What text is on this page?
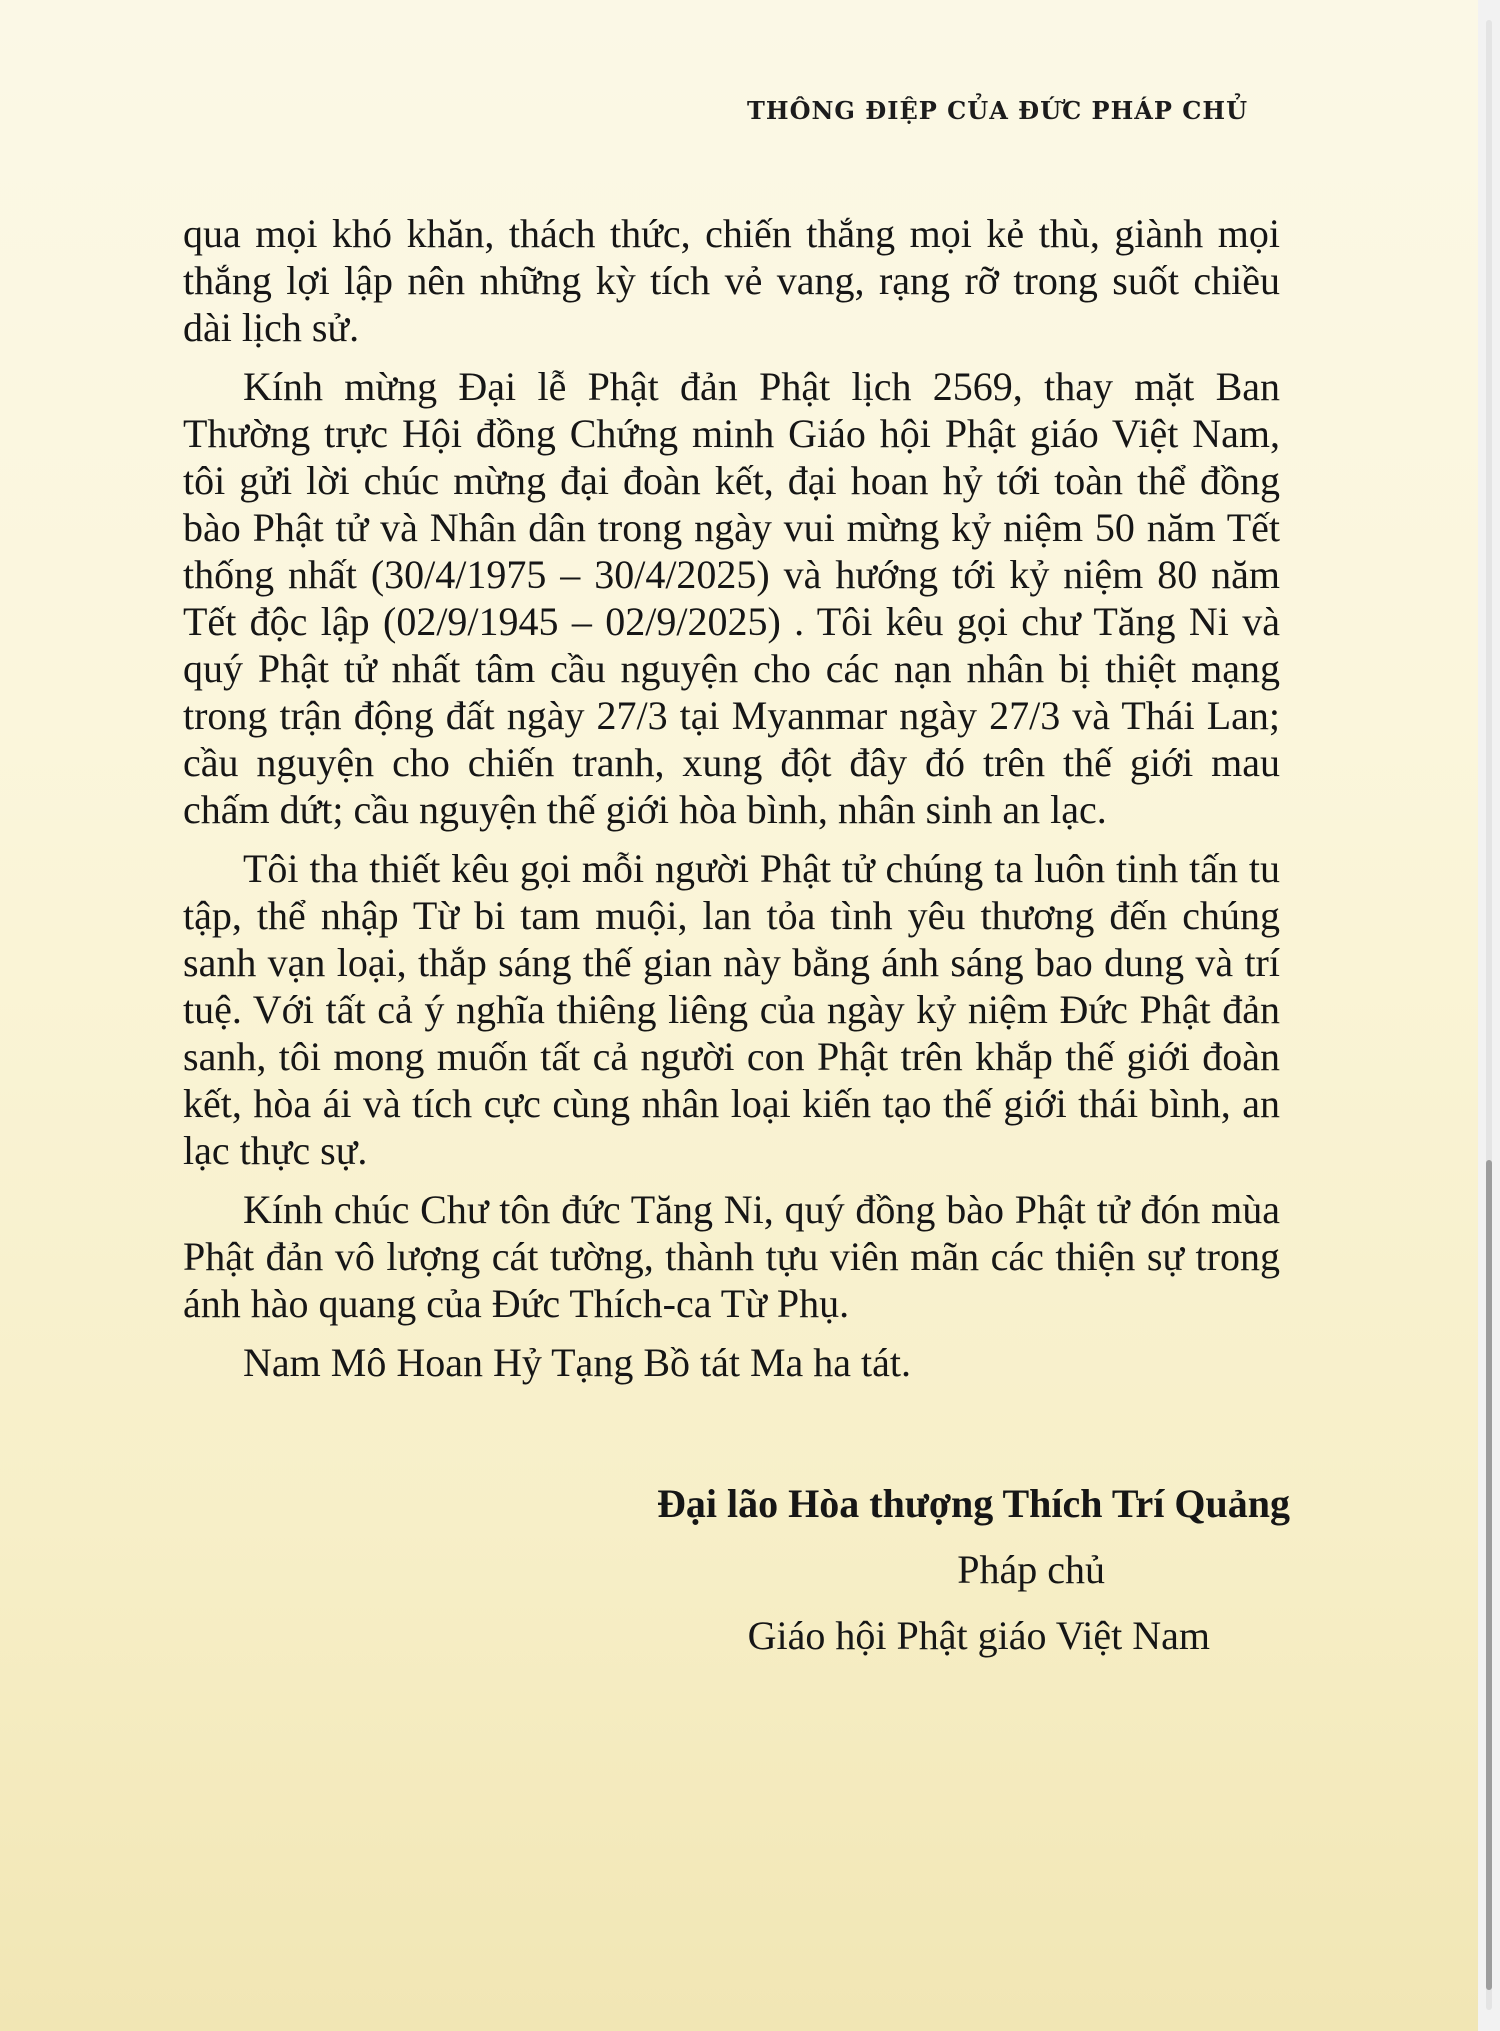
THÔNG ĐIỆP CỦA ĐỨC PHÁP CHỦ

qua mọi khó khăn, thách thức, chiến thắng mọi kẻ thù, giành mọi thắng lợi lập nên những kỳ tích vẻ vang, rạng rỡ trong suốt chiều dài lịch sử.

Kính mừng Đại lễ Phật đản Phật lịch 2569, thay mặt Ban Thường trực Hội đồng Chứng minh Giáo hội Phật giáo Việt Nam, tôi gửi lời chúc mừng đại đoàn kết, đại hoan hỷ tới toàn thể đồng bào Phật tử và Nhân dân trong ngày vui mừng kỷ niệm 50 năm Tết thống nhất (30/4/1975 – 30/4/2025) và hướng tới kỷ niệm 80 năm Tết độc lập (02/9/1945 – 02/9/2025) . Tôi kêu gọi chư Tăng Ni và quý Phật tử nhất tâm cầu nguyện cho các nạn nhân bị thiệt mạng trong trận động đất ngày 27/3 tại Myanmar ngày 27/3 và Thái Lan; cầu nguyện cho chiến tranh, xung đột đây đó trên thế giới mau chấm dứt; cầu nguyện thế giới hòa bình, nhân sinh an lạc.

Tôi tha thiết kêu gọi mỗi người Phật tử chúng ta luôn tinh tấn tu tập, thể nhập Từ bi tam muội, lan tỏa tình yêu thương đến chúng sanh vạn loại, thắp sáng thế gian này bằng ánh sáng bao dung và trí tuệ. Với tất cả ý nghĩa thiêng liêng của ngày kỷ niệm Đức Phật đản sanh, tôi mong muốn tất cả người con Phật trên khắp thế giới đoàn kết, hòa ái và tích cực cùng nhân loại kiến tạo thế giới thái bình, an lạc thực sự.

Kính chúc Chư tôn đức Tăng Ni, quý đồng bào Phật tử đón mùa Phật đản vô lượng cát tường, thành tựu viên mãn các thiện sự trong ánh hào quang của Đức Thích-ca Từ Phụ.

Nam Mô Hoan Hỷ Tạng Bồ tát Ma ha tát.

Đại lão Hòa thượng Thích Trí Quảng
Pháp chủ
Giáo hội Phật giáo Việt Nam
